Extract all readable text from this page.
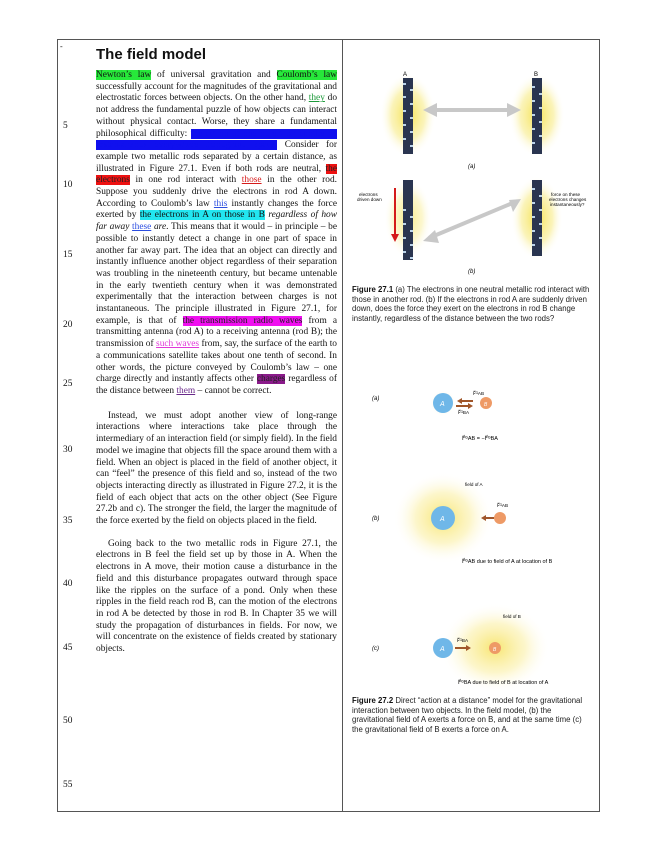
- The field model
5
10
15
20
25
30
35
40
45
50
55

Newton’s law of universal gravitation and Coulomb’s law successfully account for the magnitudes of the gravitational and electrostatic forces between objects. On the other hand, they do not address the fundamental puzzle of how objects can interact without physical contact. Worse, they share a fundamental philosophical difficulty: the action of one object on another is instantaneous everywhere throughout space. Consider for example two metallic rods separated by a certain distance, as illustrated in Figure 27.1. Even if both rods are neutral, the electrons in one rod interact with those in the other rod. Suppose you suddenly drive the electrons in rod A down. According to Coulomb’s law this instantly changes the force exerted by the electrons in A on those in B regardless of how far away these are. This means that it would – in principle – be possible to instantly detect a change in one part of space in another far away part. The idea that an object can directly and instantly influence another object regardless of their separation was troubling in the nineteenth century, but became untenable in the early twentieth century when it was demonstrated experimentally that the interaction between charges is not instantaneous. The principle illustrated in Figure 27.1, for example, is that of the transmission radio waves from a transmitting antenna (rod A) to a receiving antenna (rod B); the transmission of such waves from, say, the surface of the earth to a communications satellite takes about one tenth of second. In other words, the picture conveyed by Coulomb’s law – one charge directly and instantly affects other charges regardless of the distance between them – cannot be correct.

Instead, we must adopt another view of long-range interactions where interactions take place through the intermediary of an interaction field (or simply field). In the field model we imagine that objects fill the space around them with a field. When an object is placed in the field of another object, it can “feel” the presence of this field and so, instead of the two objects interacting directly as illustrated in Figure 27.2, it is the field of each object that acts on the other object (See Figure 27.2b and c). The stronger the field, the larger the magnitude of the force exerted by the field on objects placed in the field.

Going back to the two metallic rods in Figure 27.1, the electrons in B feel the field set up by those in A. When the electrons in A move, their motion cause a disturbance in the field and this disturbance propagates outward through space like the ripples on the surface of a pond. Only when these ripples in the field reach rod B, can the motion of the electrons in rod A be detected by those in rod B. In Chapter 35 we will study the propagation of disturbances in fields. For now, we will concentrate on the existence of fields created by stationary objects.

A	B
(a)
electrons
driven down
force on these
electrons changes
instantaneously?
(b)
Figure 27.1 (a) The electrons in one neutral metallic rod interact with those in another rod. (b) If the electrons in rod A are suddenly driven down, does the force they exert on the electrons in rod B change instantly, regardless of the distance between the two rods?
(a)
A	B
F⃗ᴳAB
F⃗ᴳBA
F⃗ᴳAB = −F⃗ᴳBA
(b)	A
F⃗ᴳAB
field of A
F⃗ᴳAB due to field of A at location of B
(c)	A	B
F⃗ᴳBA
field of B
F⃗ᴳBA due to field of B at location of A
Figure 27.2 Direct “action at a distance” model for the gravitational interaction between two objects. In the field model, (b) the gravitational field of A exerts a force on B, and at the same time (c) the gravitational field of B exerts a force on A.
